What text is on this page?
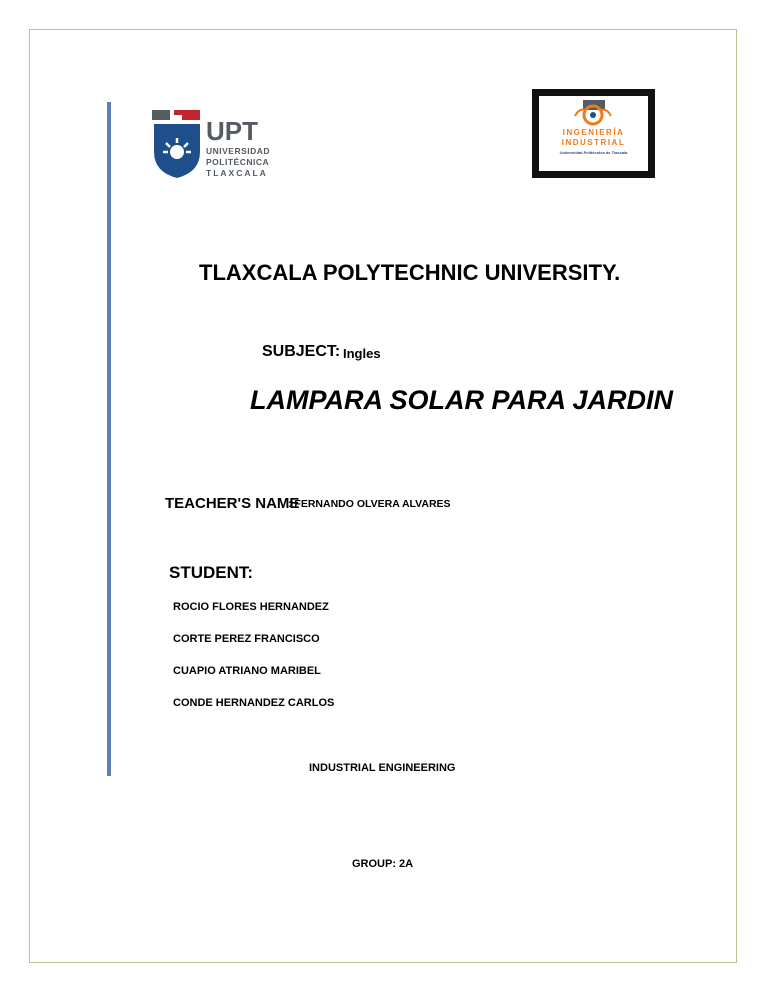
UPT
UNIVERSIDAD
POLITÉCNICA
TLAXCALA
INGENIERÍA
INDUSTRIAL
Universidad Politécnica de Tlaxcala
TLAXCALA POLYTECHNIC UNIVERSITY.
SUBJECT: Ingles
LAMPARA SOLAR PARA JARDIN
TEACHER'S NAME
: FERNANDO OLVERA ALVARES
STUDENT:
ROCIO FLORES HERNANDEZ
CORTE PEREZ FRANCISCO
CUAPIO ATRIANO MARIBEL
CONDE HERNANDEZ CARLOS
INDUSTRIAL ENGINEERING
GROUP: 2A
